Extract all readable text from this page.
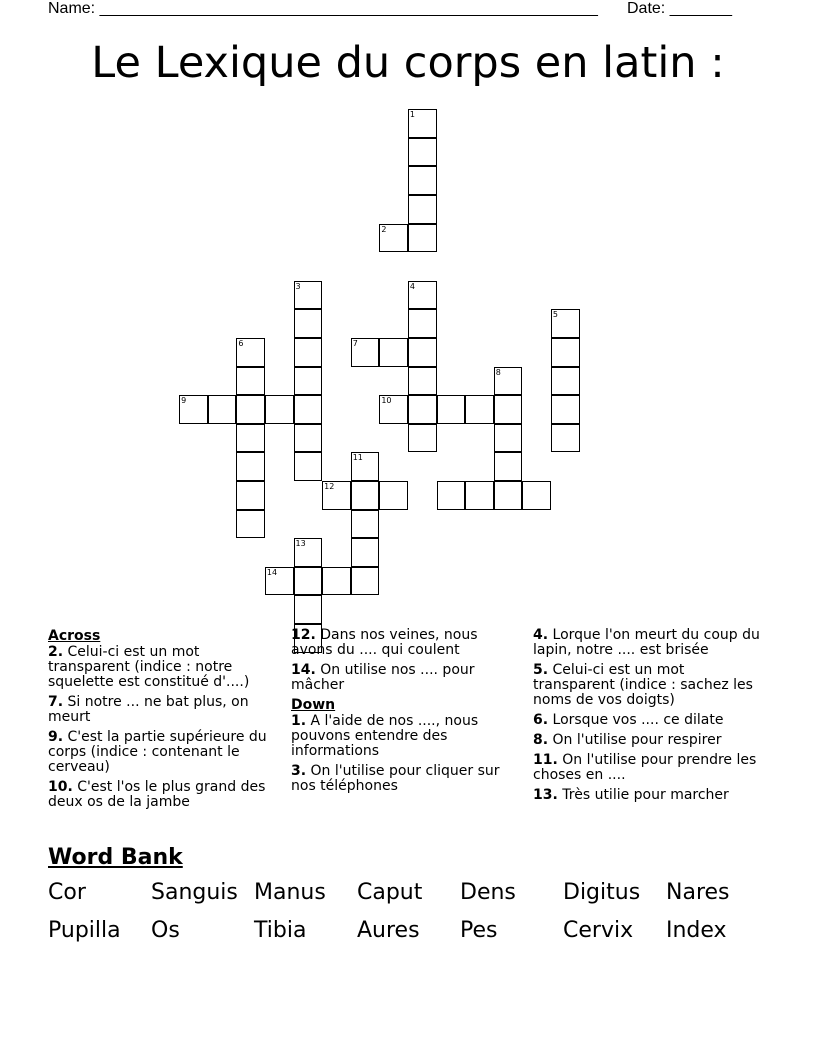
Name: ________________________________________________________ Date: _______
Le Lexique du corps en latin :
1
2
3	4
5
6	7
8
9	10
11
12
13
14
Across
2. Celui-ci est un mot transparent (indice : notre squelette est constitué d'....)
7. Si notre ... ne bat plus, on meurt
9. C'est la partie supérieure du corps (indice : contenant le cerveau)
10. C'est l'os le plus grand des deux os de la jambe
12. Dans nos veines, nous avons du .... qui coulent
14. On utilise nos .... pour mâcher
Down
1. A l'aide de nos ...., nous pouvons entendre des informations
3. On l'utilise pour cliquer sur nos téléphones
4. Lorque l'on meurt du coup du lapin, notre .... est brisée
5. Celui-ci est un mot transparent (indice : sachez les noms de vos doigts)
6. Lorsque vos .... ce dilate
8. On l'utilise pour respirer
11. On l'utilise pour prendre les choses en ....
13. Très utilie pour marcher
Word Bank
Cor	Sanguis Manus Caput Dens Digitus Nares
Pupilla Os	Tibia Aures Pes	Cervix Index
